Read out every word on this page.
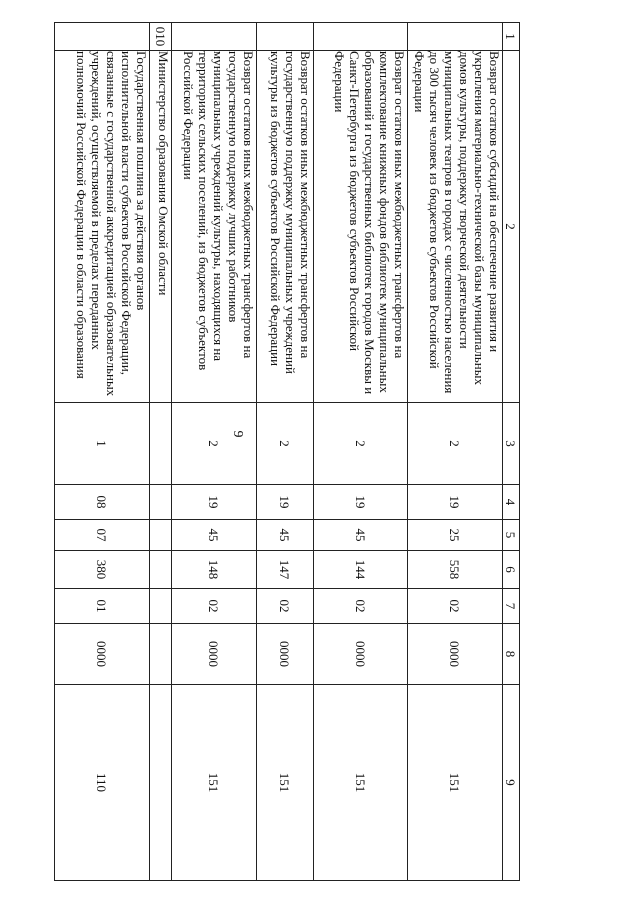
9
1	2	3	4	5	6	7	8	9
	Возврат остатков субсидий на обеспечение развития и укрепления материально-технической базы муниципальных домов культуры, поддержку творческой деятельности муниципальных театров в городах с численностью населения до 300 тысяч человек из бюджетов субъектов Российской Федерации	2	19	25	558	02	0000	151
	Возврат остатков иных межбюджетных трансфертов на комплектование книжных фондов библиотек муниципальных образований и государственных библиотек городов Москвы и Санкт-Петербурга из бюджетов субъектов Российской Федерации	2	19	45	144	02	0000	151
	Возврат остатков иных межбюджетных трансфертов на государственную поддержку муниципальных учреждений культуры из бюджетов субъектов Российской Федерации	2	19	45	147	02	0000	151
	Возврат остатков иных межбюджетных трансфертов на государственную поддержку лучших работников муниципальных учреждений культуры, находящихся на территориях сельских поселений, из бюджетов субъектов Российской Федерации	2	19	45	148	02	0000	151
010	Министерство образования Омской области							
	Государственная пошлина за действия органов исполнительной власти субъектов Российской Федерации, связанные с государственной аккредитацией образовательных учреждений, осуществляемой в пределах переданных полномочий Российской Федерации в области образования	1	08	07	380	01	0000	110
